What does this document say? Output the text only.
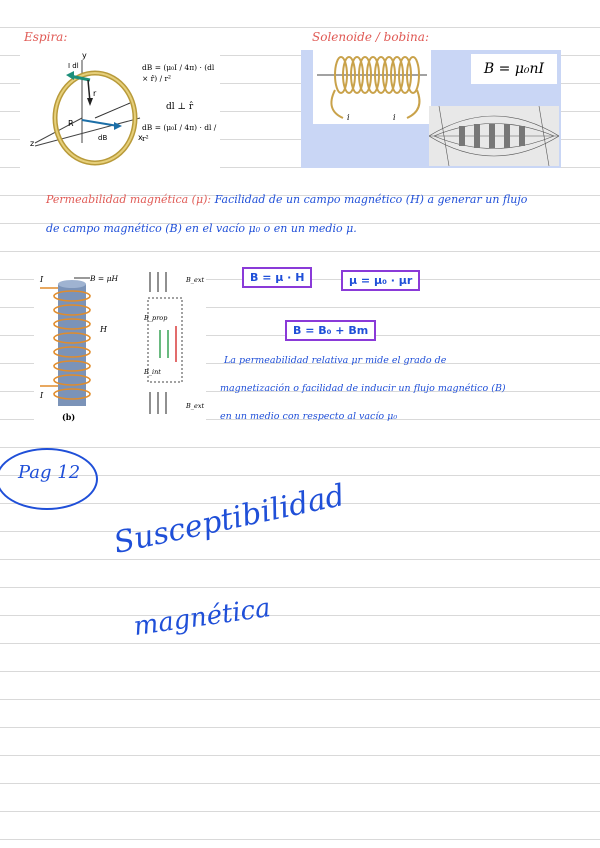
Espira:	Solenoide / bobina:
y
x
z
I dl
r
R
dB
dB = (μ₀I / 4π) · (dl × r̂) / r²
dl ⊥ r̂
dB = (μ₀I / 4π) · dl / r²
i	i
B = μ₀nI
Permeabilidad magnética (μ): Facilidad de un campo magnético (H) a generar un flujo
de campo magnético (B) en el vacío μ₀ o en un medio μ.
I	B = μH
H
I
(b)
B_ext
B_prop
B_ext
B_int
B = μ · H	μ = μ₀ · μr
B = B₀ + Bm
La permeabilidad relativa μr mide el grado de
magnetización o facilidad de inducir un flujo magnético (B)
en un medio con respecto al vacío μ₀
Pag 12
Susceptibilidad
magnética
